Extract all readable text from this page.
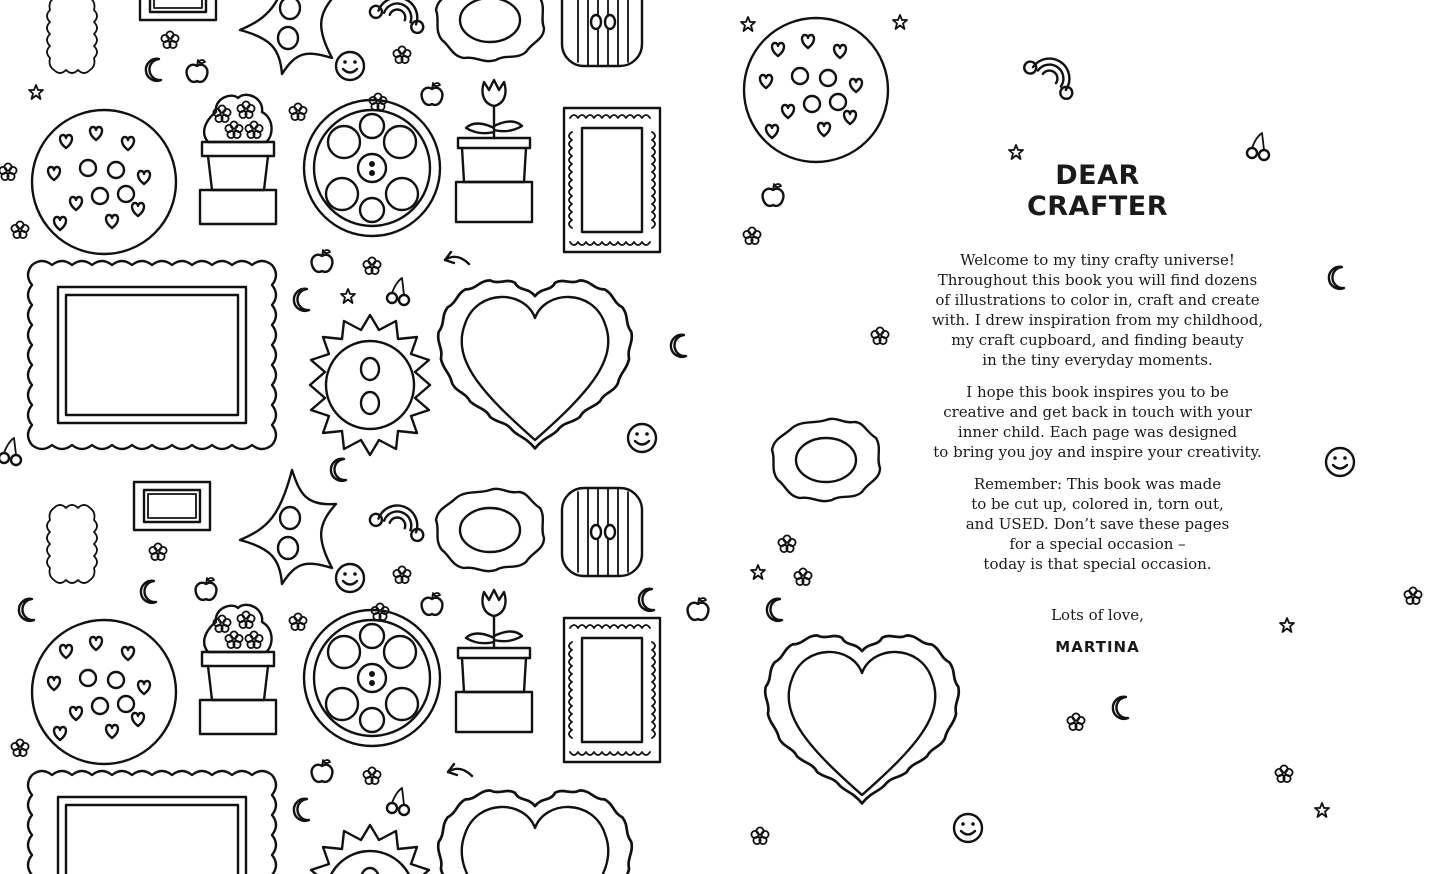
DEAR
CRAFTER

Welcome to my tiny crafty universe!
Throughout this book you will find dozens
of illustrations to color in, craft and create
with. I drew inspiration from my childhood,
my craft cupboard, and finding beauty
in the tiny everyday moments.

I hope this book inspires you to be
creative and get back in touch with your
inner child. Each page was designed
to bring you joy and inspire your creativity.

Remember: This book was made
to be cut up, colored in, torn out,
and USED. Don’t save these pages
for a special occasion –
today is that special occasion.

Lots of love,
MARTINA
